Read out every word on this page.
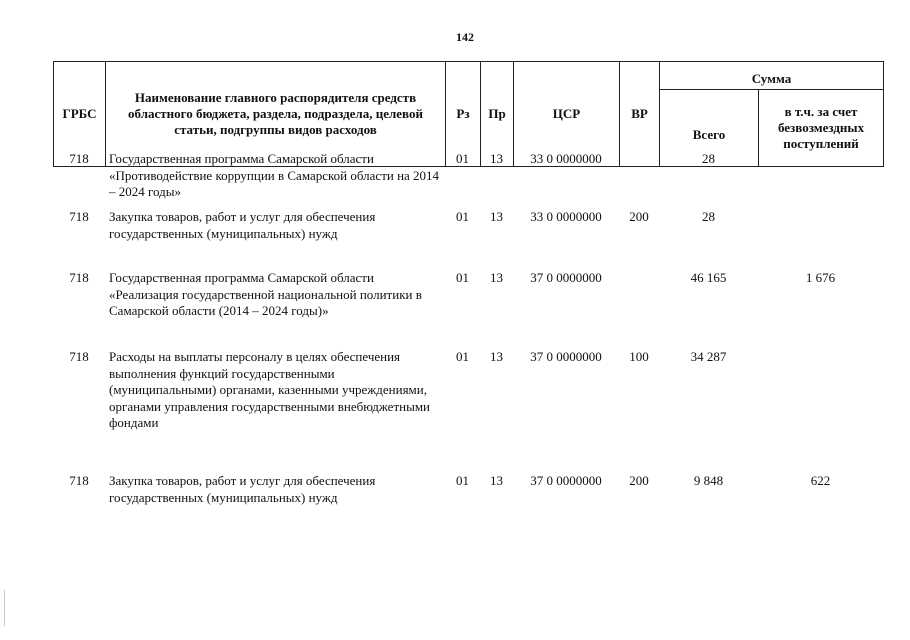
142
ГРБС	Наименование главного распорядителя средств областного бюджета, раздела, подраздела, целевой статьи, подгруппы видов расходов	Рз	Пр	ЦСР	ВР	Сумма	
						Всего	в т.ч. за счет безвозмездных поступлений
718	Государственная программа Самарской области «Противодействие коррупции в Самарской области на 2014 – 2024 годы»	01	13	33 0 0000000		28	
718	Закупка товаров, работ и услуг для обеспечения государственных (муниципальных) нужд	01	13	33 0 0000000	200	28	
718	Государственная программа Самарской области «Реализация государственной национальной политики в Самарской области (2014 – 2024 годы)»	01	13	37 0 0000000		46 165	1 676
718	Расходы на выплаты персоналу в целях обеспечения выполнения функций государственными (муниципальными) органами, казенными учреждениями, органами управления государственными внебюджетными фондами	01	13	37 0 0000000	100	34 287	
718	Закупка товаров, работ и услуг для обеспечения государственных (муниципальных) нужд	01	13	37 0 0000000	200	9 848	622
